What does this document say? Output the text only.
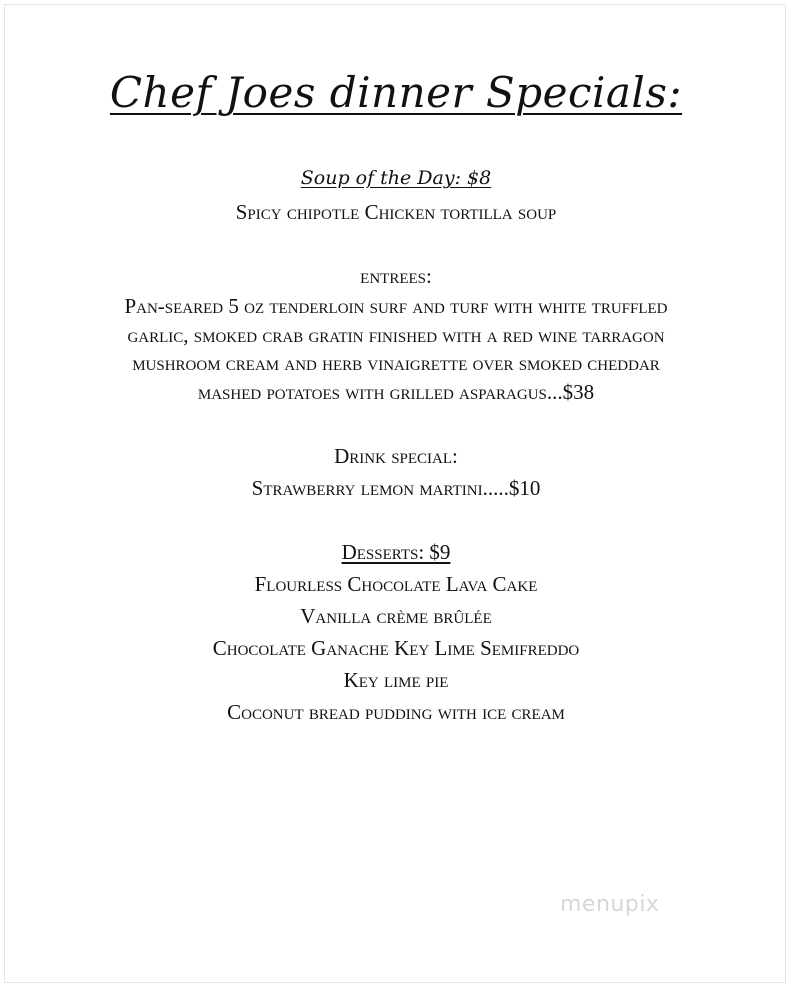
Chef Joes dinner Specials:
Soup of the Day: $8
Spicy chipotle Chicken tortilla soup
entrees:
Pan-seared 5 oz tenderloin surf and turf with white truffled garlic, smoked crab gratin finished with a red wine tarragon mushroom cream and herb vinaigrette over smoked cheddar mashed potatoes with grilled asparagus...$38
Drink special:
Strawberry lemon martini.....$10
Desserts: $9
Flourless Chocolate Lava Cake
Vanilla crème brûlée
Chocolate Ganache Key Lime Semifreddo
Key lime pie
Coconut bread pudding with ice cream
menupix
